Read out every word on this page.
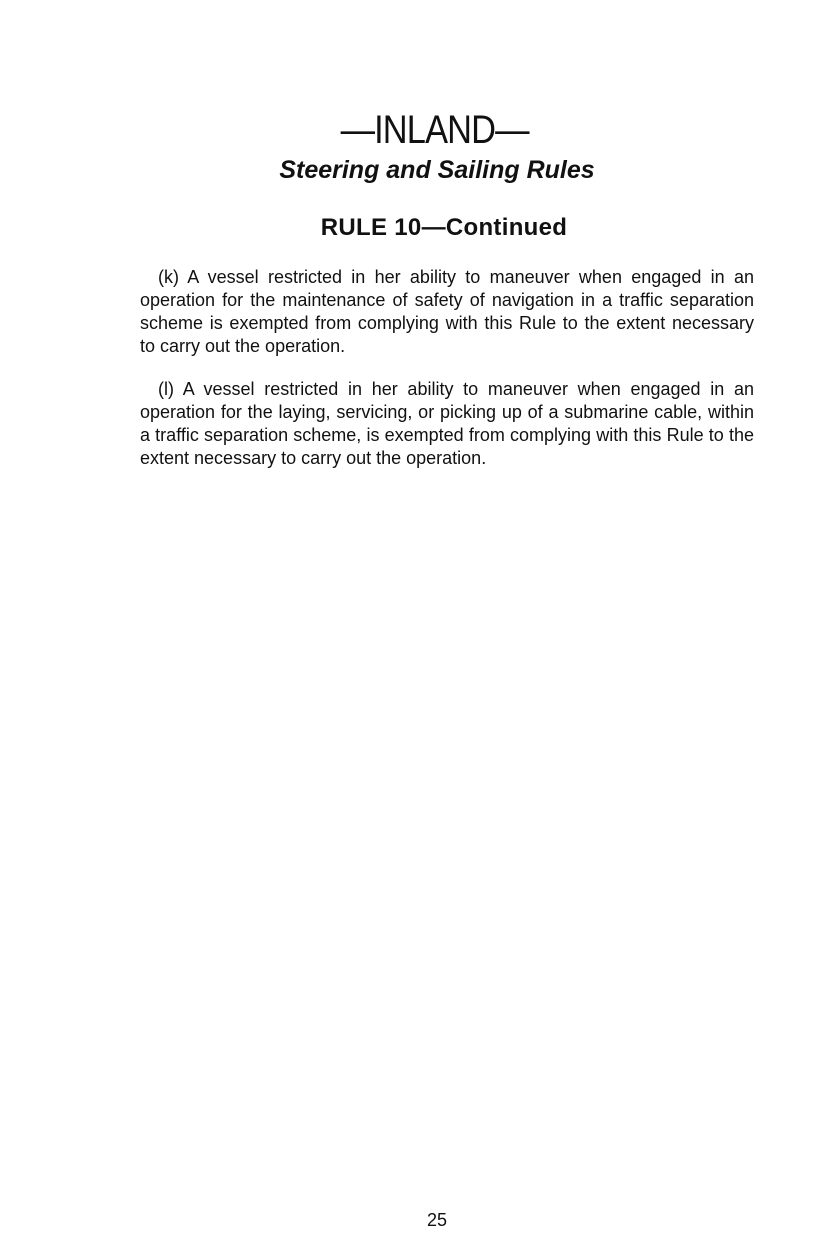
—INLAND—
Steering and Sailing Rules
RULE 10—Continued

(k) A vessel restricted in her ability to maneuver when engaged in an operation for the maintenance of safety of navigation in a traffic separation scheme is exempted from complying with this Rule to the extent necessary to carry out the operation.

(l) A vessel restricted in her ability to maneuver when engaged in an operation for the laying, servicing, or picking up of a submarine cable, within a traffic separation scheme, is exempted from complying with this Rule to the extent necessary to carry out the operation.

25
